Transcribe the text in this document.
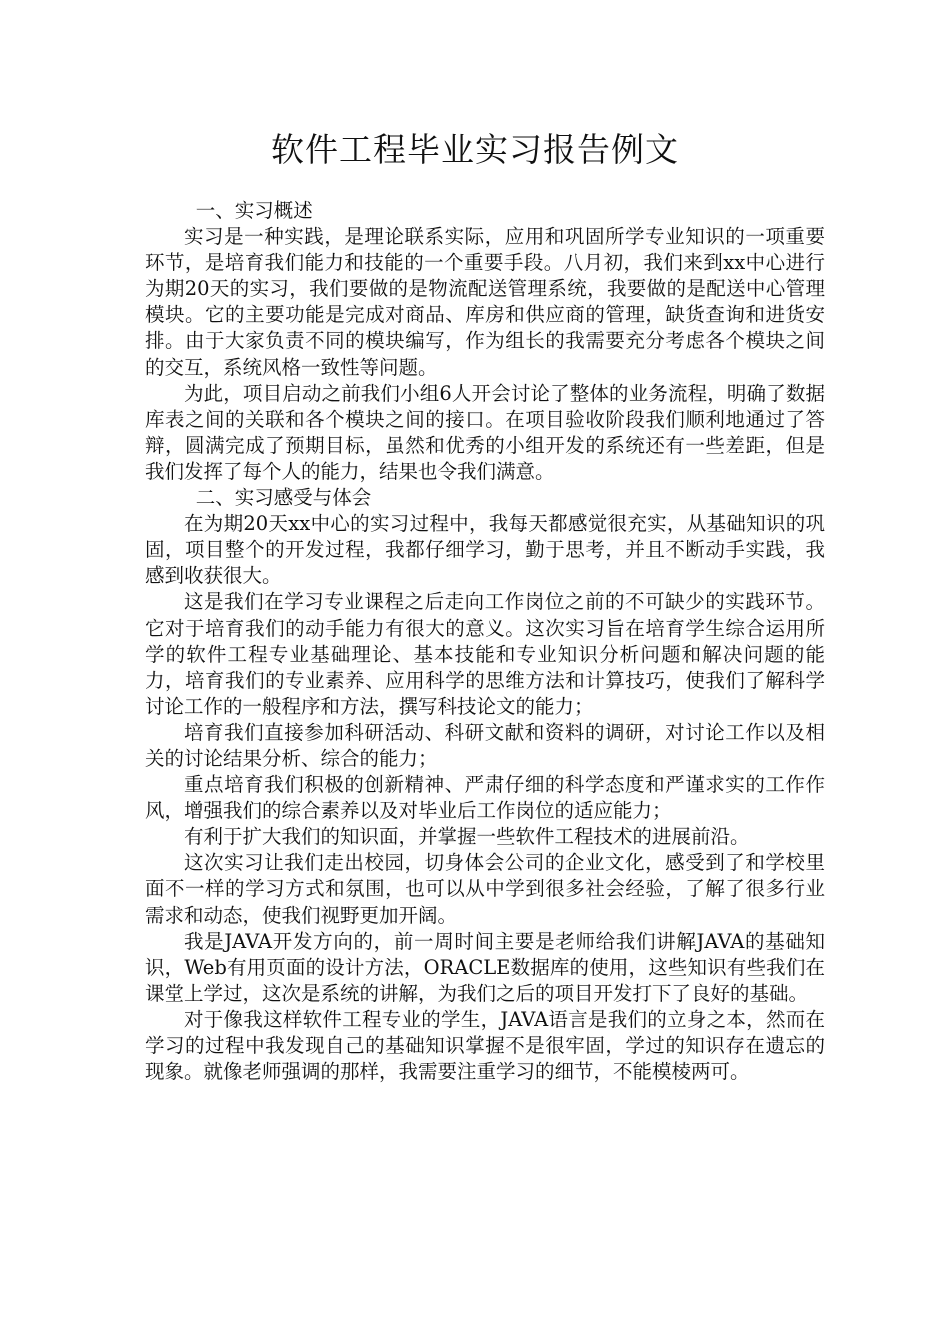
软件工程毕业实习报告例文

一、实习概述

实习是一种实践，是理论联系实际，应用和巩固所学专业知识的一项重要环节，是培育我们能力和技能的一个重要手段。八月初，我们来到xx中心进行为期20天的实习，我们要做的是物流配送管理系统，我要做的是配送中心管理模块。它的主要功能是完成对商品、库房和供应商的管理，缺货查询和进货安排。由于大家负责不同的模块编写，作为组长的我需要充分考虑各个模块之间的交互，系统风格一致性等问题。

为此，项目启动之前我们小组6人开会讨论了整体的业务流程，明确了数据库表之间的关联和各个模块之间的接口。在项目验收阶段我们顺利地通过了答辩，圆满完成了预期目标，虽然和优秀的小组开发的系统还有一些差距，但是我们发挥了每个人的能力，结果也令我们满意。

二、实习感受与体会

在为期20天xx中心的实习过程中，我每天都感觉很充实，从基础知识的巩固，项目整个的开发过程，我都仔细学习，勤于思考，并且不断动手实践，我感到收获很大。

这是我们在学习专业课程之后走向工作岗位之前的不可缺少的实践环节。它对于培育我们的动手能力有很大的意义。这次实习旨在培育学生综合运用所学的软件工程专业基础理论、基本技能和专业知识分析问题和解决问题的能力，培育我们的专业素养、应用科学的思维方法和计算技巧，使我们了解科学讨论工作的一般程序和方法，撰写科技论文的能力；

培育我们直接参加科研活动、科研文献和资料的调研，对讨论工作以及相关的讨论结果分析、综合的能力；

重点培育我们积极的创新精神、严肃仔细的科学态度和严谨求实的工作作风，增强我们的综合素养以及对毕业后工作岗位的适应能力；

有利于扩大我们的知识面，并掌握一些软件工程技术的进展前沿。

这次实习让我们走出校园，切身体会公司的企业文化，感受到了和学校里面不一样的学习方式和氛围，也可以从中学到很多社会经验，了解了很多行业需求和动态，使我们视野更加开阔。

我是JAVA开发方向的，前一周时间主要是老师给我们讲解JAVA的基础知识，Web有用页面的设计方法，ORACLE数据库的使用，这些知识有些我们在课堂上学过，这次是系统的讲解，为我们之后的项目开发打下了良好的基础。

对于像我这样软件工程专业的学生，JAVA语言是我们的立身之本，然而在学习的过程中我发现自己的基础知识掌握不是很牢固，学过的知识存在遗忘的现象。就像老师强调的那样，我需要注重学习的细节，不能模棱两可。
